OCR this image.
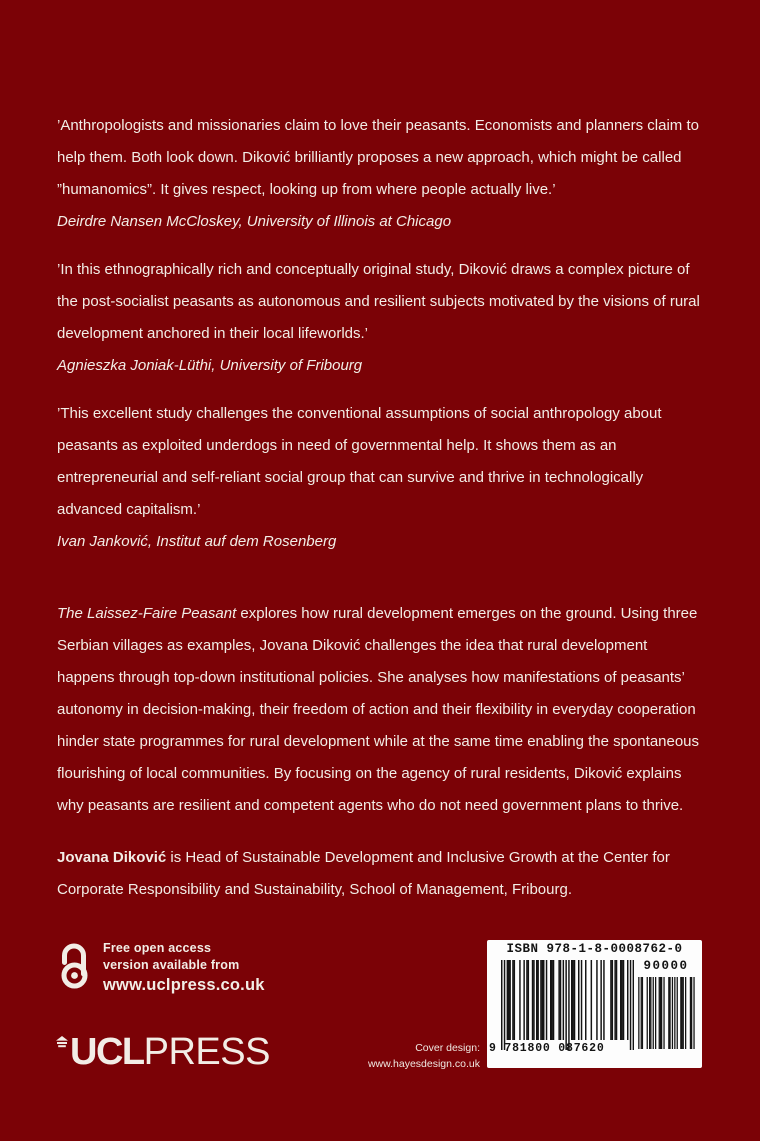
’Anthropologists and missionaries claim to love their peasants. Economists and planners claim to help them. Both look down. Diković brilliantly proposes a new approach, which might be called ”humanomics”. It gives respect, looking up from where people actually live.’

Deirdre Nansen McCloskey, University of Illinois at Chicago

’In this ethnographically rich and conceptually original study, Diković draws a complex picture of the post-socialist peasants as autonomous and resilient subjects motivated by the visions of rural development anchored in their local lifeworlds.’

Agnieszka Joniak-Lüthi, University of Fribourg

’This excellent study challenges the conventional assumptions of social anthropology about peasants as exploited underdogs in need of governmental help. It shows them as an entrepreneurial and self-reliant social group that can survive and thrive in technologically advanced capitalism.’

Ivan Janković, Institut auf dem Rosenberg

The Laissez-Faire Peasant explores how rural development emerges on the ground. Using three Serbian villages as examples, Jovana Diković challenges the idea that rural development happens through top-down institutional policies. She analyses how manifestations of peasants’ autonomy in decision-making, their freedom of action and their flexibility in everyday cooperation hinder state programmes for rural development while at the same time enabling the spontaneous flourishing of local communities. By focusing on the agency of rural residents, Diković explains why peasants are resilient and competent agents who do not need government plans to thrive.

Jovana Diković is Head of Sustainable Development and Inclusive Growth at the Center for Corporate Responsibility and Sustainability, School of Management, Fribourg.

Free open access
version available from
www.uclpress.co.uk
UCL PRESS	Cover design:
www.hayesdesign.co.uk
ISBN 978-1-8-0008762-0
9 781800 087620
90000
